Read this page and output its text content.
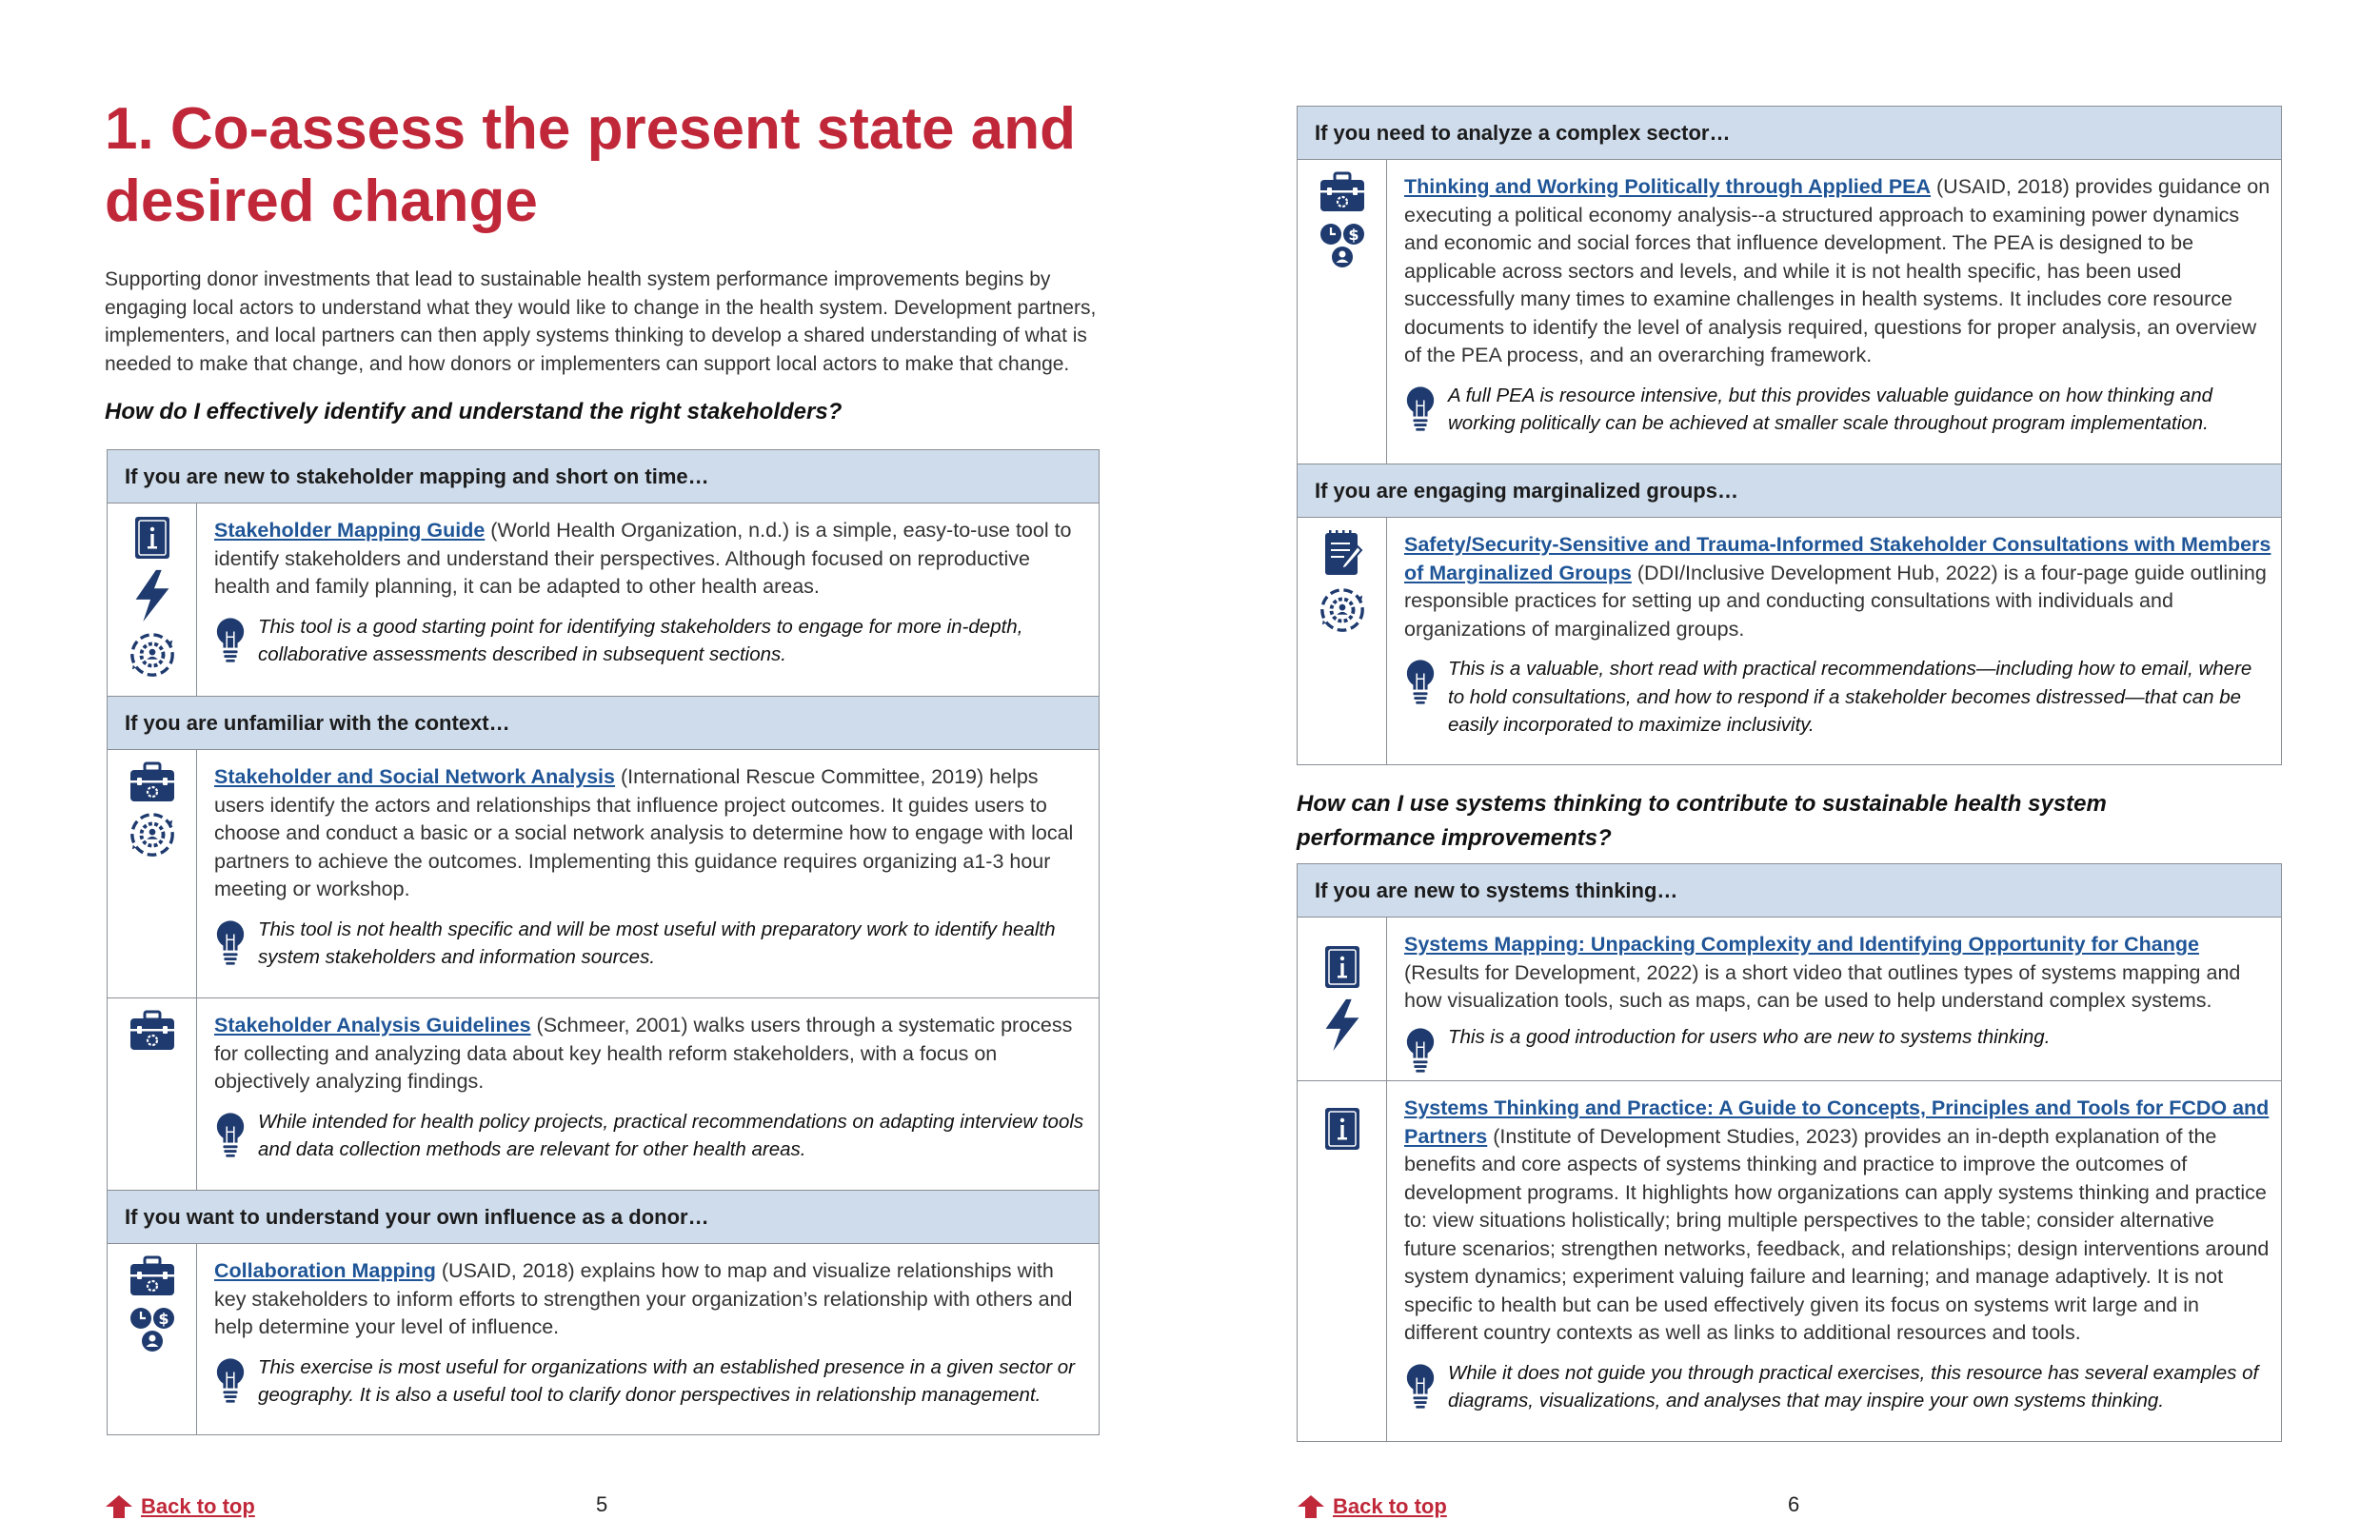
1. Co-assess the present state and
desired change

Supporting donor investments that lead to sustainable health system performance improvements begins by engaging local actors to understand what they would like to change in the health system. Development partners, implementers, and local partners can then apply systems thinking to develop a shared understanding of what is needed to make that change, and how donors or implementers can support local actors to make that change.

How do I effectively identify and understand the right stakeholders?

If you are new to stakeholder mapping and short on time…
Stakeholder Mapping Guide (World Health Organization, n.d.) is a simple, easy-to-use tool to identify stakeholders and understand their perspectives. Although focused on reproductive health and family planning, it can be adapted to other health areas.
This tool is a good starting point for identifying stakeholders to engage for more in-depth, collaborative assessments described in subsequent sections.
If you are unfamiliar with the context…
Stakeholder and Social Network Analysis (International Rescue Committee, 2019) helps users identify the actors and relationships that influence project outcomes. It guides users to choose and conduct a basic or a social network analysis to determine how to engage with local partners to achieve the outcomes. Implementing this guidance requires organizing a1-3 hour meeting or workshop.
This tool is not health specific and will be most useful with preparatory work to identify health system stakeholders and information sources.
Stakeholder Analysis Guidelines (Schmeer, 2001) walks users through a systematic process for collecting and analyzing data about key health reform stakeholders, with a focus on objectively analyzing findings.
While intended for health policy projects, practical recommendations on adapting interview tools and data collection methods are relevant for other health areas.
If you want to understand your own influence as a donor…
Collaboration Mapping (USAID, 2018) explains how to map and visualize relationships with key stakeholders to inform efforts to strengthen your organization’s relationship with others and help determine your level of influence.
This exercise is most useful for organizations with an established presence in a given sector or geography. It is also a useful tool to clarify donor perspectives in relationship management.
Back to top	5
If you need to analyze a complex sector…
Thinking and Working Politically through Applied PEA (USAID, 2018) provides guidance on executing a political economy analysis--a structured approach to examining power dynamics and economic and social forces that influence development. The PEA is designed to be applicable across sectors and levels, and while it is not health specific, has been used successfully many times to examine challenges in health systems. It includes core resource documents to identify the level of analysis required, questions for proper analysis, an overview of the PEA process, and an overarching framework.
A full PEA is resource intensive, but this provides valuable guidance on how thinking and working politically can be achieved at smaller scale throughout program implementation.
If you are engaging marginalized groups…
Safety/Security-Sensitive and Trauma-Informed Stakeholder Consultations with Members of Marginalized Groups (DDI/Inclusive Development Hub, 2022) is a four-page guide outlining responsible practices for setting up and conducting consultations with individuals and organizations of marginalized groups.
This is a valuable, short read with practical recommendations—including how to email, where to hold consultations, and how to respond if a stakeholder becomes distressed—that can be easily incorporated to maximize inclusivity.

How can I use systems thinking to contribute to sustainable health system performance improvements?

If you are new to systems thinking…
Systems Mapping: Unpacking Complexity and Identifying Opportunity for Change (Results for Development, 2022) is a short video that outlines types of systems mapping and how visualization tools, such as maps, can be used to help understand complex systems.
This is a good introduction for users who are new to systems thinking.
Systems Thinking and Practice: A Guide to Concepts, Principles and Tools for FCDO and Partners (Institute of Development Studies, 2023) provides an in-depth explanation of the benefits and core aspects of systems thinking and practice to improve the outcomes of development programs. It highlights how organizations can apply systems thinking and practice to: view situations holistically; bring multiple perspectives to the table; consider alternative future scenarios; strengthen networks, feedback, and relationships; design interventions around system dynamics; experiment valuing failure and learning; and manage adaptively. It is not specific to health but can be used effectively given its focus on systems writ large and in different country contexts as well as links to additional resources and tools.
While it does not guide you through practical exercises, this resource has several examples of diagrams, visualizations, and analyses that may inspire your own systems thinking.
Back to top	6
